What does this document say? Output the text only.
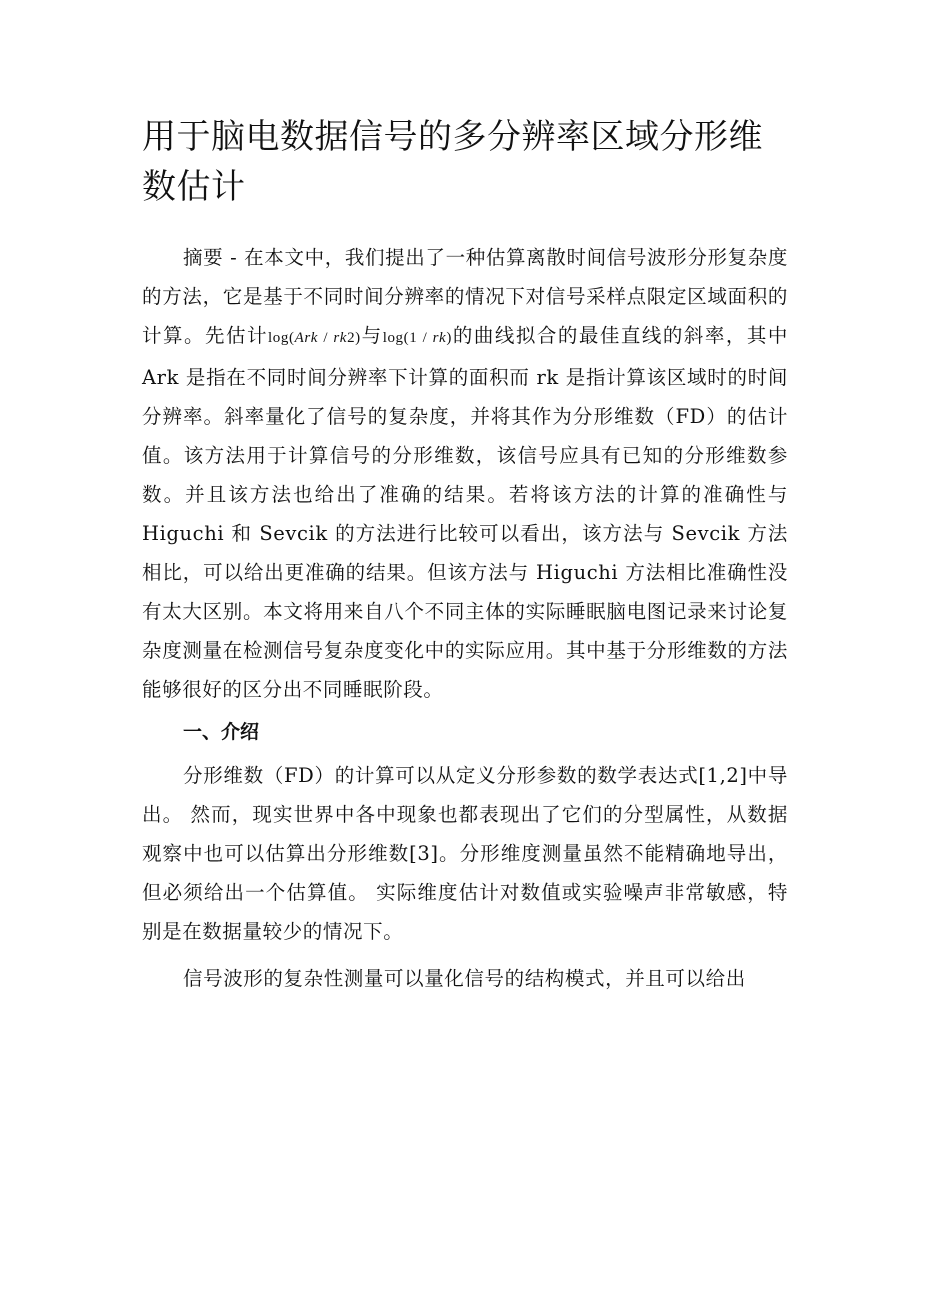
用于脑电数据信号的多分辨率区域分形维数估计
摘要 - 在本文中，我们提出了一种估算离散时间信号波形分形复杂度的方法，它是基于不同时间分辨率的情况下对信号采样点限定区域面积的计算。先估计log(Ark / rk2)与log(1 / rk)的曲线拟合的最佳直线的斜率，其中 Ark 是指在不同时间分辨率下计算的面积而 rk 是指计算该区域时的时间分辨率。斜率量化了信号的复杂度，并将其作为分形维数（FD）的估计值。该方法用于计算信号的分形维数，该信号应具有已知的分形维数参数。并且该方法也给出了准确的结果。若将该方法的计算的准确性与 Higuchi 和 Sevcik 的方法进行比较可以看出，该方法与 Sevcik 方法相比，可以给出更准确的结果。但该方法与 Higuchi 方法相比准确性没有太大区别。本文将用来自八个不同主体的实际睡眠脑电图记录来讨论复杂度测量在检测信号复杂度变化中的实际应用。其中基于分形维数的方法能够很好的区分出不同睡眠阶段。
一、介绍
分形维数（FD）的计算可以从定义分形参数的数学表达式[1,2]中导出。 然而，现实世界中各中现象也都表现出了它们的分型属性，从数据观察中也可以估算出分形维数[3]。分形维度测量虽然不能精确地导出，但必须给出一个估算值。 实际维度估计对数值或实验噪声非常敏感，特别是在数据量较少的情况下。
信号波形的复杂性测量可以量化信号的结构模式，并且可以给出
